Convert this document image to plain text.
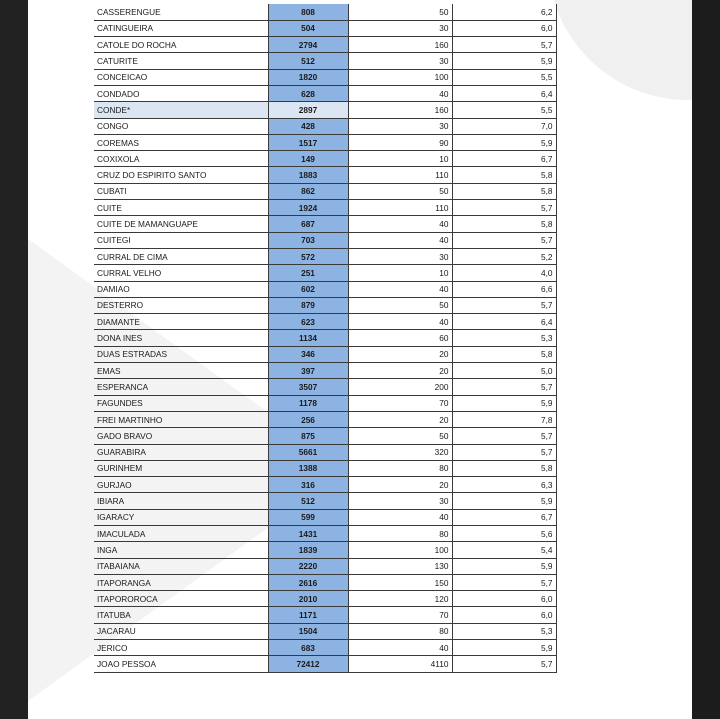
CASSERENGUE	808	50	6,2
CATINGUEIRA	504	30	6,0
CATOLE DO ROCHA	2794	160	5,7
CATURITE	512	30	5,9
CONCEICAO	1820	100	5,5
CONDADO	628	40	6,4
CONDE*	2897	160	5,5
CONGO	428	30	7,0
COREMAS	1517	90	5,9
COXIXOLA	149	10	6,7
CRUZ DO ESPIRITO SANTO	1883	110	5,8
CUBATI	862	50	5,8
CUITE	1924	110	5,7
CUITE DE MAMANGUAPE	687	40	5,8
CUITEGI	703	40	5,7
CURRAL DE CIMA	572	30	5,2
CURRAL VELHO	251	10	4,0
DAMIAO	602	40	6,6
DESTERRO	879	50	5,7
DIAMANTE	623	40	6,4
DONA INES	1134	60	5,3
DUAS ESTRADAS	346	20	5,8
EMAS	397	20	5,0
ESPERANCA	3507	200	5,7
FAGUNDES	1178	70	5,9
FREI MARTINHO	256	20	7,8
GADO BRAVO	875	50	5,7
GUARABIRA	5661	320	5,7
GURINHEM	1388	80	5,8
GURJAO	316	20	6,3
IBIARA	512	30	5,9
IGARACY	599	40	6,7
IMACULADA	1431	80	5,6
INGA	1839	100	5,4
ITABAIANA	2220	130	5,9
ITAPORANGA	2616	150	5,7
ITAPOROROCA	2010	120	6,0
ITATUBA	1171	70	6,0
JACARAU	1504	80	5,3
JERICO	683	40	5,9
JOAO PESSOA	72412	4110	5,7
